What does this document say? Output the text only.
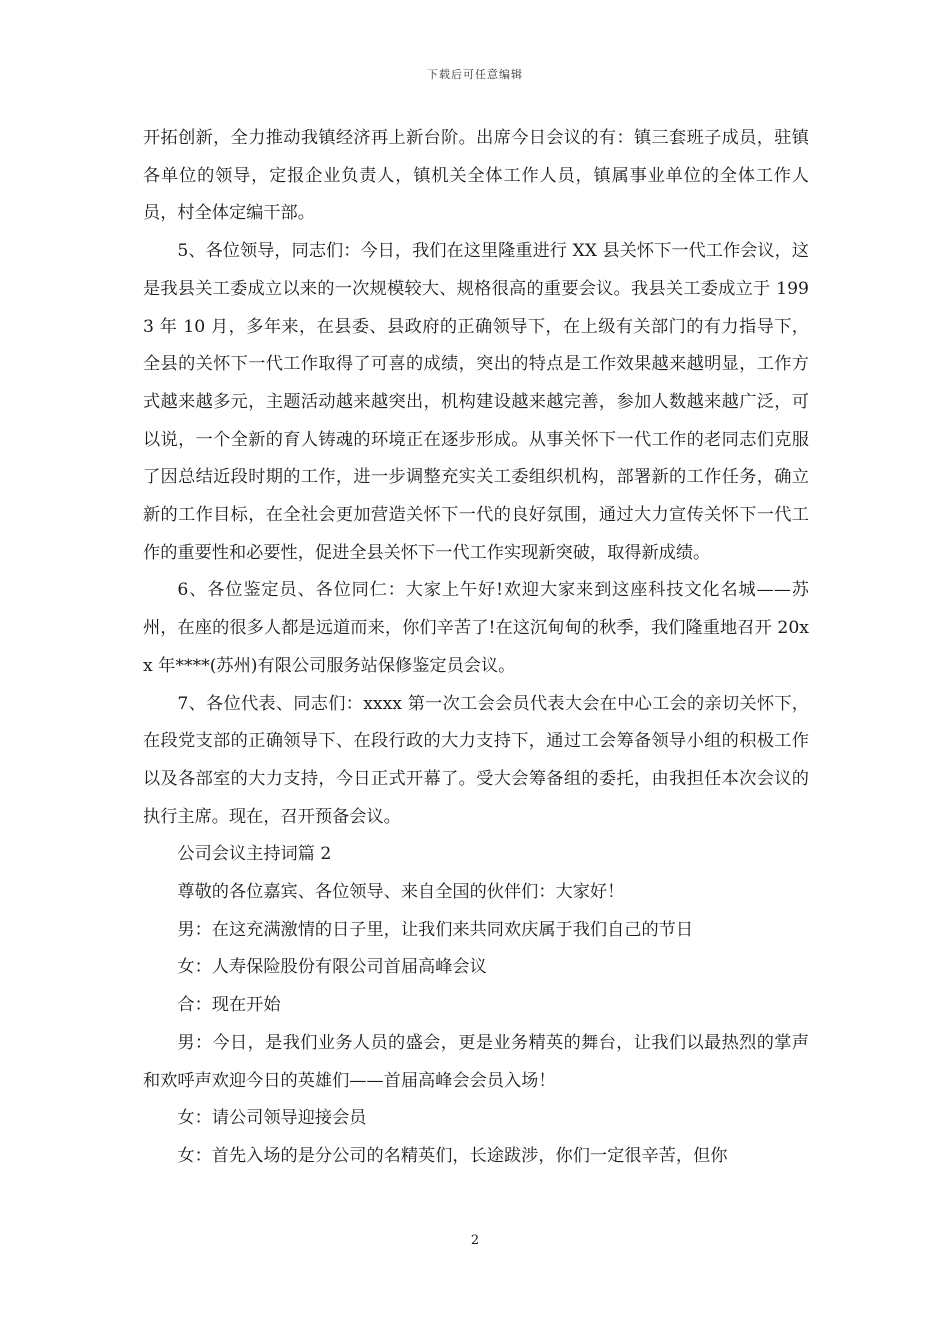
下载后可任意编辑

开拓创新，全力推动我镇经济再上新台阶。出席今日会议的有：镇三套班子成员，驻镇各单位的领导，定报企业负责人，镇机关全体工作人员，镇属事业单位的全体工作人员，村全体定编干部。

5、各位领导，同志们：今日，我们在这里隆重进行 XX 县关怀下一代工作会议，这是我县关工委成立以来的一次规模较大、规格很高的重要会议。我县关工委成立于 1993 年 10 月，多年来，在县委、县政府的正确领导下，在上级有关部门的有力指导下，全县的关怀下一代工作取得了可喜的成绩，突出的特点是工作效果越来越明显，工作方式越来越多元，主题活动越来越突出，机构建设越来越完善，参加人数越来越广泛，可以说，一个全新的育人铸魂的环境正在逐步形成。从事关怀下一代工作的老同志们克服了因总结近段时期的工作，进一步调整充实关工委组织机构，部署新的工作任务，确立新的工作目标，在全社会更加营造关怀下一代的良好氛围，通过大力宣传关怀下一代工作的重要性和必要性，促进全县关怀下一代工作实现新突破，取得新成绩。

6、各位鉴定员、各位同仁：大家上午好!欢迎大家来到这座科技文化名城——苏州，在座的很多人都是远道而来，你们辛苦了!在这沉甸甸的秋季，我们隆重地召开 20xx 年****(苏州)有限公司服务站保修鉴定员会议。

7、各位代表、同志们：xxxx 第一次工会会员代表大会在中心工会的亲切关怀下，在段党支部的正确领导下、在段行政的大力支持下，通过工会筹备领导小组的积极工作以及各部室的大力支持，今日正式开幕了。受大会筹备组的委托，由我担任本次会议的执行主席。现在，召开预备会议。

公司会议主持词篇 2

尊敬的各位嘉宾、各位领导、来自全国的伙伴们：大家好！

男：在这充满激情的日子里，让我们来共同欢庆属于我们自己的节日

女：人寿保险股份有限公司首届高峰会议

合：现在开始

男：今日，是我们业务人员的盛会，更是业务精英的舞台，让我们以最热烈的掌声和欢呼声欢迎今日的英雄们——首届高峰会会员入场！

女：请公司领导迎接会员

女：首先入场的是分公司的名精英们，长途跋涉，你们一定很辛苦，但你

2
